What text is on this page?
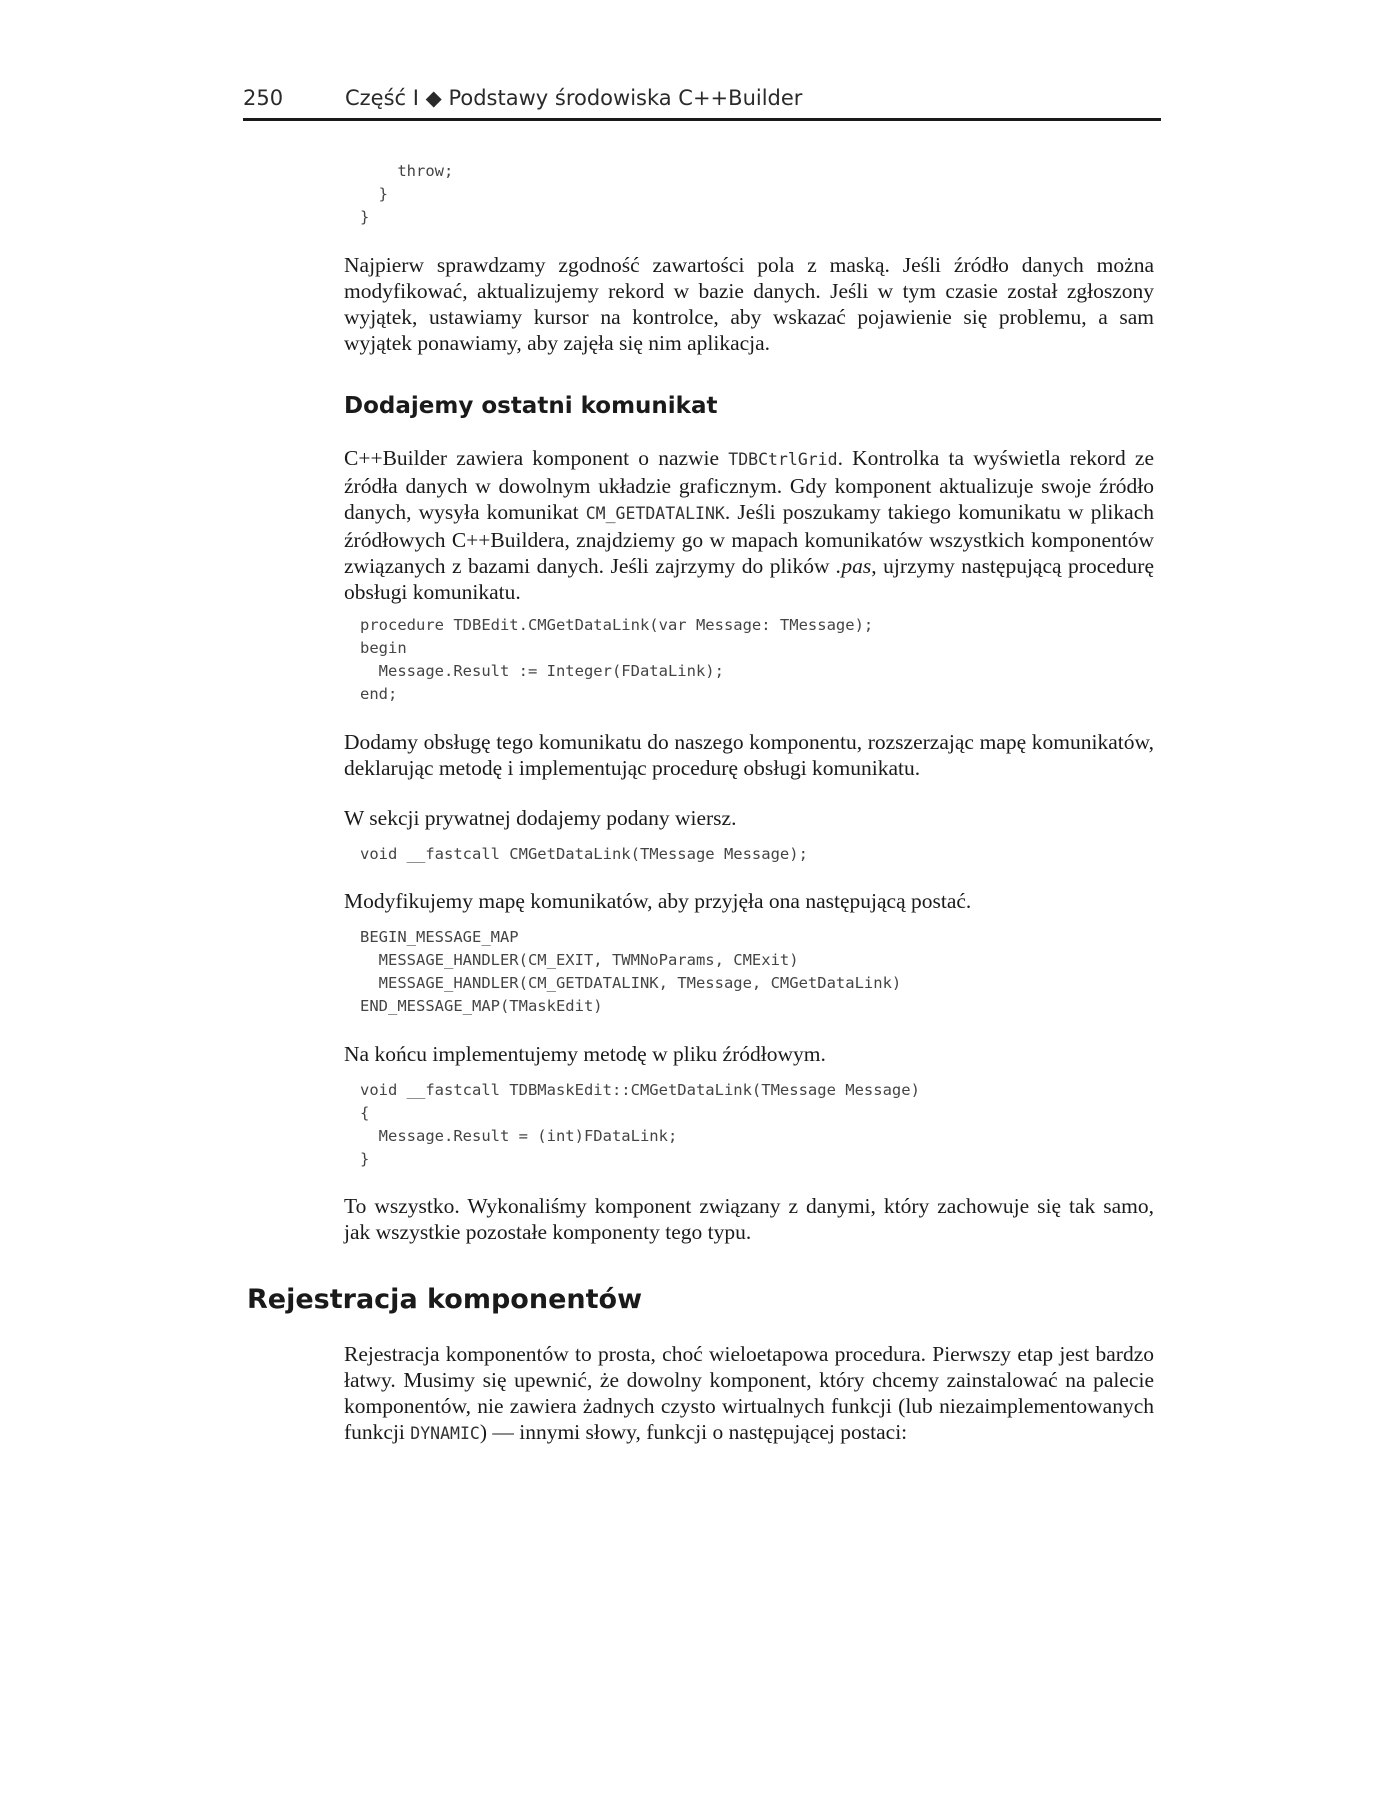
250	Część I ◆ Podstawy środowiska C++Builder
throw;
}
}

Najpierw sprawdzamy zgodność zawartości pola z maską. Jeśli źródło danych można modyfikować, aktualizujemy rekord w bazie danych. Jeśli w tym czasie został zgłoszony wyjątek, ustawiamy kursor na kontrolce, aby wskazać pojawienie się problemu, a sam wyjątek ponawiamy, aby zajęła się nim aplikacja.

Dodajemy ostatni komunikat

C++Builder zawiera komponent o nazwie TDBCtrlGrid. Kontrolka ta wyświetla rekord ze źródła danych w dowolnym układzie graficznym. Gdy komponent aktualizuje swoje źródło danych, wysyła komunikat CM_GETDATALINK. Jeśli poszukamy takiego komunikatu w plikach źródłowych C++Buildera, znajdziemy go w mapach komunikatów wszystkich komponentów związanych z bazami danych. Jeśli zajrzymy do plików .pas, ujrzymy następującą procedurę obsługi komunikatu.

procedure TDBEdit.CMGetDataLink(var Message: TMessage);
begin
Message.Result := Integer(FDataLink);
end;

Dodamy obsługę tego komunikatu do naszego komponentu, rozszerzając mapę komunikatów, deklarując metodę i implementując procedurę obsługi komunikatu.

W sekcji prywatnej dodajemy podany wiersz.

void __fastcall CMGetDataLink(TMessage Message);

Modyfikujemy mapę komunikatów, aby przyjęła ona następującą postać.

BEGIN_MESSAGE_MAP
MESSAGE_HANDLER(CM_EXIT, TWMNoParams, CMExit)
MESSAGE_HANDLER(CM_GETDATALINK, TMessage, CMGetDataLink)
END_MESSAGE_MAP(TMaskEdit)

Na końcu implementujemy metodę w pliku źródłowym.

void __fastcall TDBMaskEdit::CMGetDataLink(TMessage Message)
{
Message.Result = (int)FDataLink;
}

To wszystko. Wykonaliśmy komponent związany z danymi, który zachowuje się tak samo, jak wszystkie pozostałe komponenty tego typu.

Rejestracja komponentów

Rejestracja komponentów to prosta, choć wieloetapowa procedura. Pierwszy etap jest bardzo łatwy. Musimy się upewnić, że dowolny komponent, który chcemy zainstalować na palecie komponentów, nie zawiera żadnych czysto wirtualnych funkcji (lub niezaimplementowanych funkcji DYNAMIC) — innymi słowy, funkcji o następującej postaci:
